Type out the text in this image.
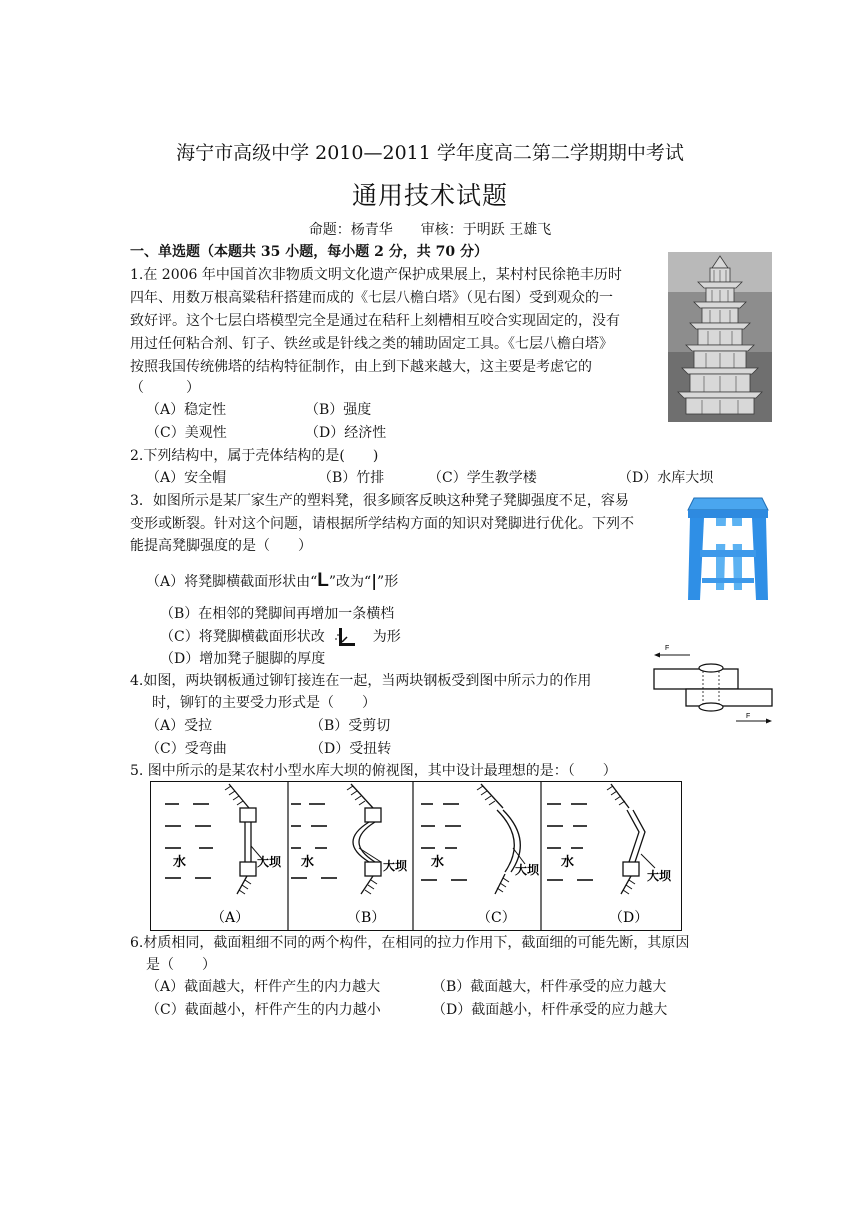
海宁市高级中学 2010—2011 学年度高二第二学期期中考试
通用技术试题
命题：杨青华　　审核：于明跃 王雄飞
一、单选题（本题共 35 小题，每小题 2 分，共 70 分）
1.在 2006 年中国首次非物质文明文化遗产保护成果展上，某村村民徐艳丰历时
四年、用数万根高粱秸秆搭建而成的《七层八檐白塔》（见右图）受到观众的一
致好评。这个七层白塔模型完全是通过在秸秆上刻槽相互咬合实现固定的，没有
用过任何粘合剂、钉子、铁丝或是针线之类的辅助固定工具。《七层八檐白塔》
按照我国传统佛塔的结构特征制作，由上到下越来越大，这主要是考虑它的
（　　　）
（A）稳定性	（B）强度
（C）美观性	（D）经济性
2.下列结构中，属于壳体结构的是(　　)
（A）安全帽	（B）竹排	（C）学生教学楼	（D）水库大坝
3．如图所示是某厂家生产的塑料凳，很多顾客反映这种凳子凳脚强度不足，容易
变形或断裂。针对这个问题，请根据所学结构方面的知识对凳脚进行优化。下列不
能提高凳脚强度的是（　　）
（A）将凳脚横截面形状由“L”改为“|”形
（B）在相邻的凳脚间再增加一条横档
（C）将凳脚横截面形状改	为形
（D）增加凳子腿脚的厚度
4.如图，两块钢板通过铆钉接连在一起，当两块钢板受到图中所示力的作用
时，铆钉的主要受力形式是（　　）
（A）受拉	（B）受剪切
（C）受弯曲	（D）受扭转
F
F
5. 图中所示的是某农村小型水库大坝的俯视图，其中设计最理想的是：（　　）
水	大坝 水	大坝 水	大坝 水
大坝
（A）	（B）	（C）	（D）
6.材质相同，截面粗细不同的两个构件，在相同的拉力作用下，截面细的可能先断，其原因
是（　　）
（A）截面越大，杆件产生的内力越大	（B）截面越大，杆件承受的应力越大
（C）截面越小，杆件产生的内力越小	（D）截面越小，杆件承受的应力越大
